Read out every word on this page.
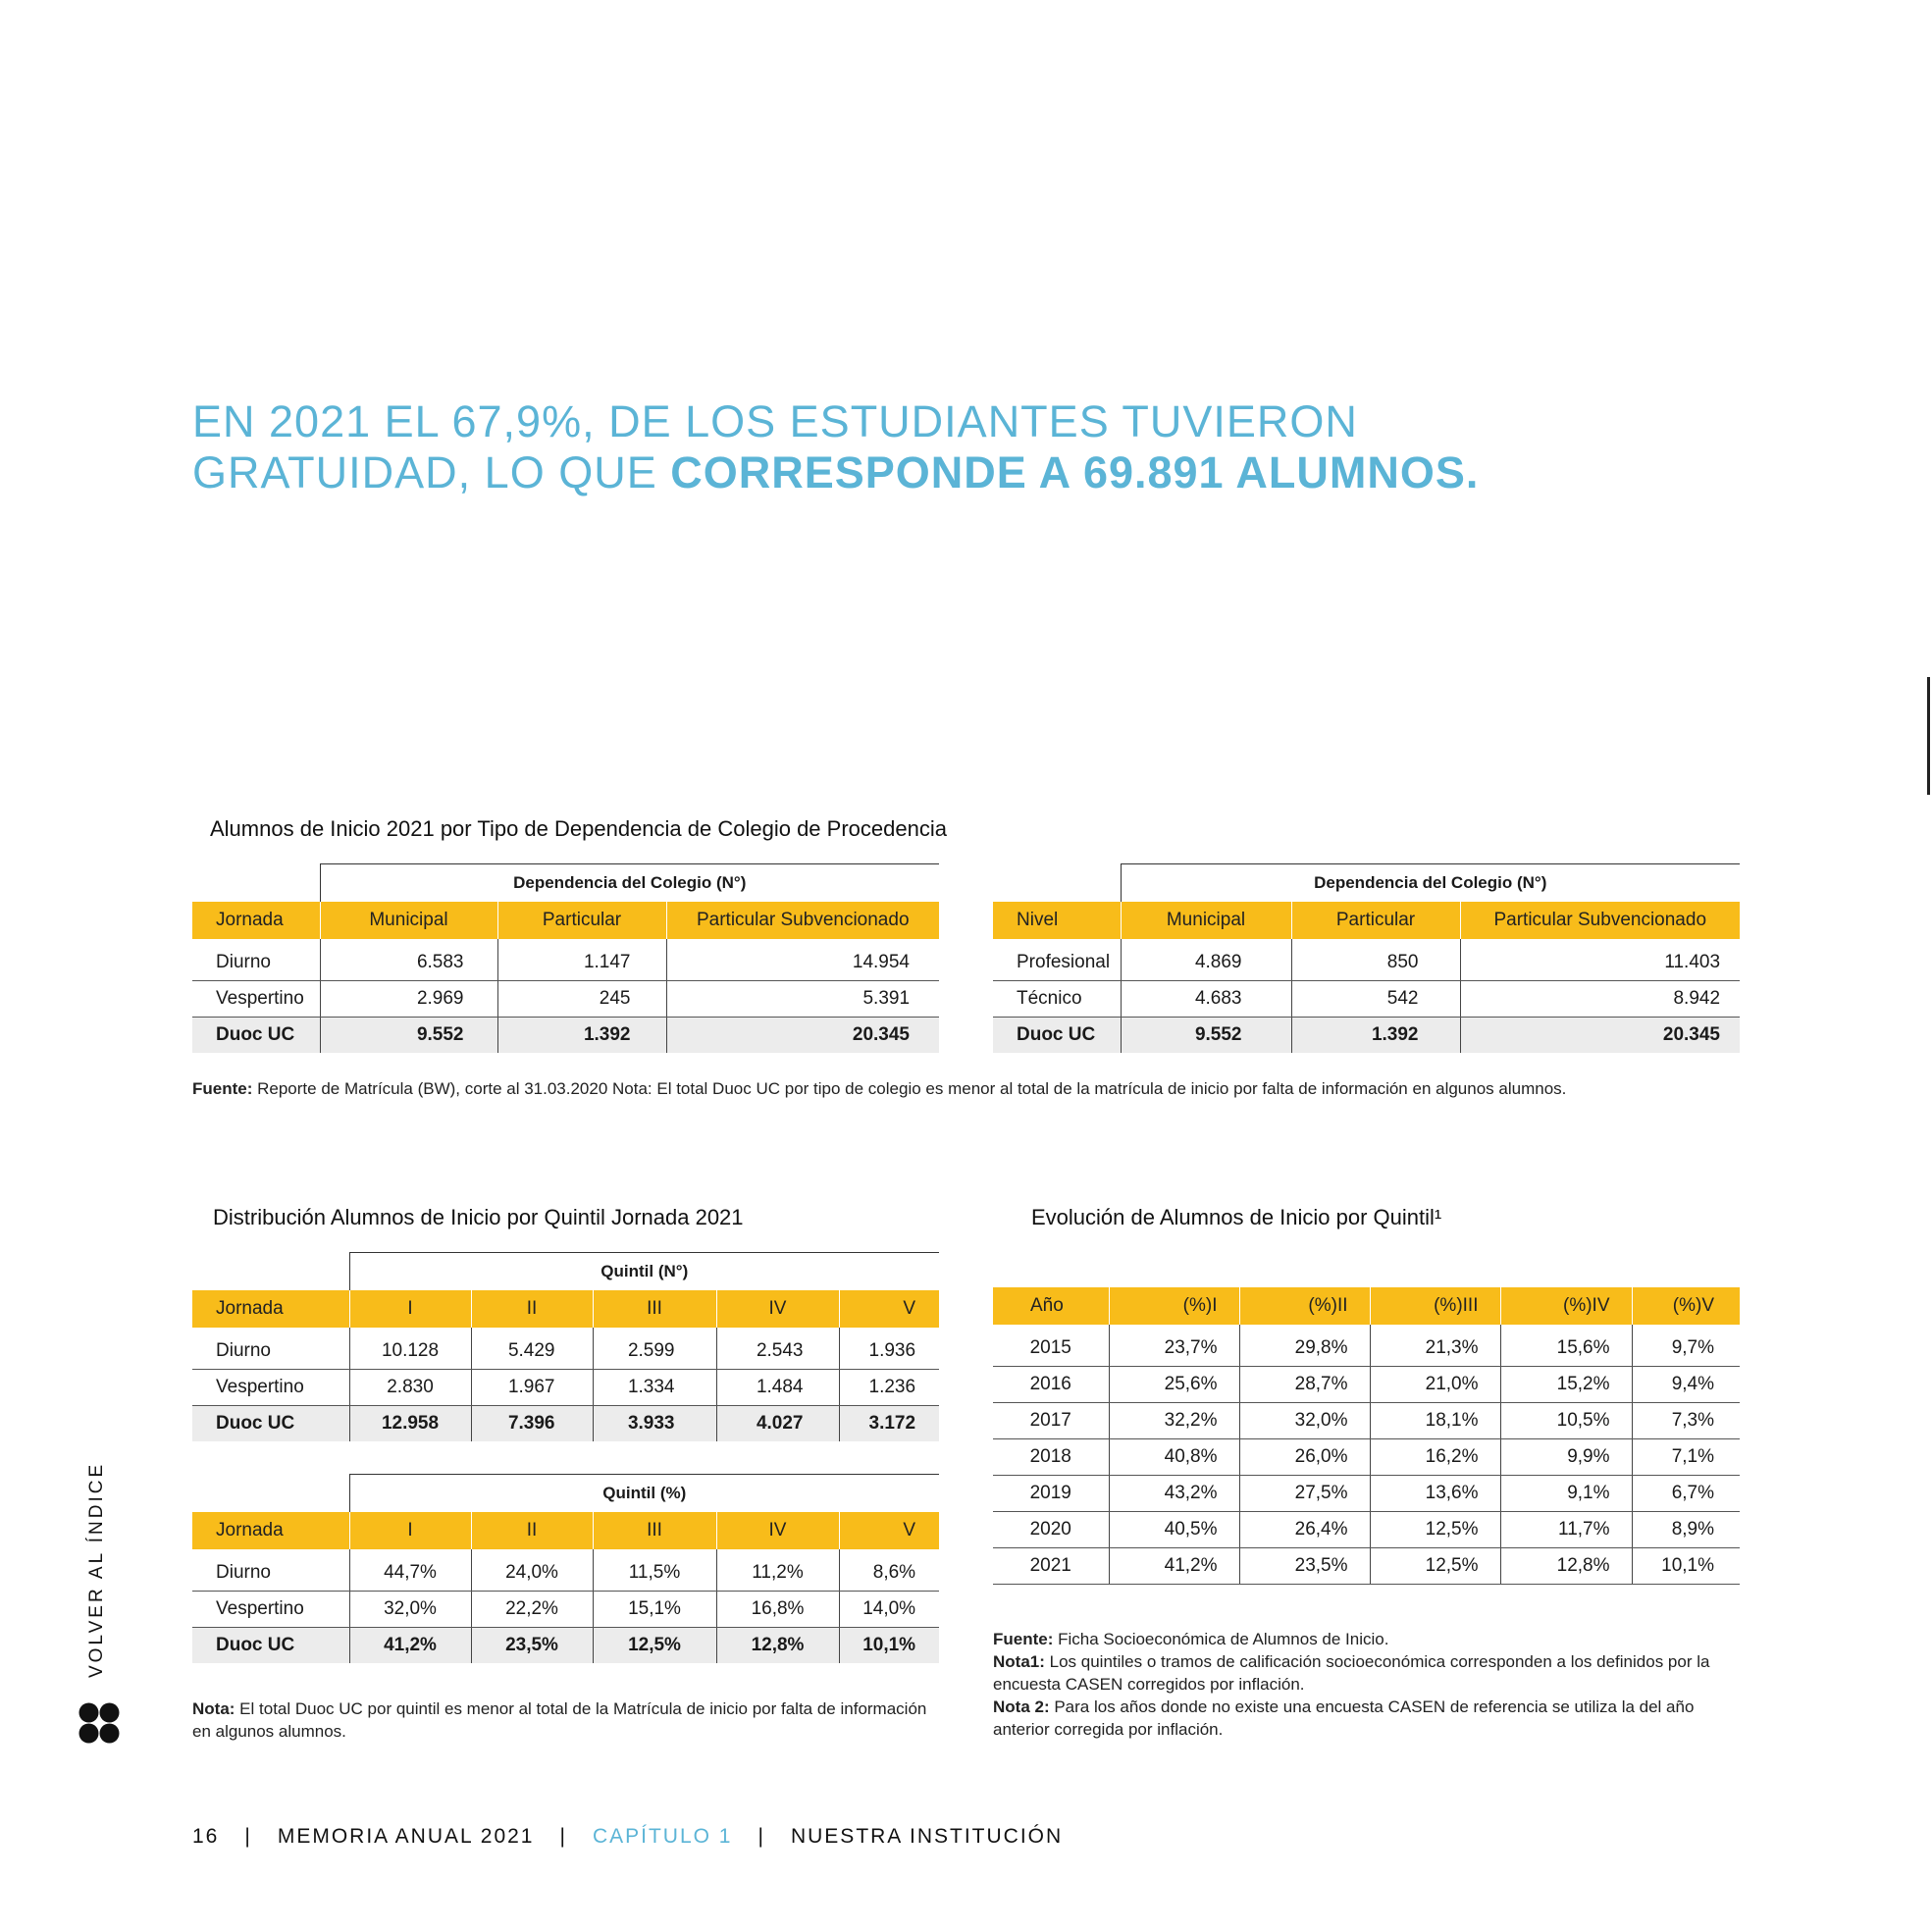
EN 2021 EL 67,9%, DE LOS ESTUDIANTES TUVIERON
GRATUIDAD, LO QUE CORRESPONDE A 69.891 ALUMNOS.
Alumnos de Inicio 2021 por Tipo de Dependencia de Colegio de Procedencia
	Dependencia del Colegio (N°)		
Jornada	Municipal	Particular	Particular Subvencionado

Diurno	6.583	1.147	14.954
Vespertino	2.969	245	5.391
Duoc UC	9.552	1.392	20.345
	Dependencia del Colegio (N°)		
Nivel	Municipal	Particular	Particular Subvencionado

Profesional	4.869	850	11.403
Técnico	4.683	542	8.942
Duoc UC	9.552	1.392	20.345
Fuente: Reporte de Matrícula (BW), corte al 31.03.2020 Nota: El total Duoc UC por tipo de colegio es menor al total de la matrícula de inicio por falta de información en algunos alumnos.
Distribución Alumnos de Inicio por Quintil Jornada 2021
	Quintil (N°)				
Jornada	I	II	III	IV	V

Diurno	10.128	5.429	2.599	2.543	1.936
Vespertino	2.830	1.967	1.334	1.484	1.236
Duoc UC	12.958	7.396	3.933	4.027	3.172
	Quintil (%)				
Jornada	I	II	III	IV	V

Diurno	44,7%	24,0%	11,5%	11,2%	8,6%
Vespertino	32,0%	22,2%	15,1%	16,8%	14,0%
Duoc UC	41,2%	23,5%	12,5%	12,8%	10,1%
Nota: El total Duoc UC por quintil es menor al total de la Matrícula de inicio por falta de información en algunos alumnos.
Evolución de Alumnos de Inicio por Quintil¹
Año	(%)I	(%)II	(%)III	(%)IV	(%)V

2015	23,7%	29,8%	21,3%	15,6%	9,7%
2016	25,6%	28,7%	21,0%	15,2%	9,4%
2017	32,2%	32,0%	18,1%	10,5%	7,3%
2018	40,8%	26,0%	16,2%	9,9%	7,1%
2019	43,2%	27,5%	13,6%	9,1%	6,7%
2020	40,5%	26,4%	12,5%	11,7%	8,9%
2021	41,2%	23,5%	12,5%	12,8%	10,1%
Fuente: Ficha Socioeconómica de Alumnos de Inicio.
Nota1: Los quintiles o tramos de calificación socioeconómica corresponden a los definidos por la encuesta CASEN corregidos por inflación.
Nota 2: Para los años donde no existe una encuesta CASEN de referencia se utiliza la del año anterior corregida por inflación.
VOLVER AL ÍNDICE
16 | MEMORIA ANUAL 2021 | CAPÍTULO 1 | NUESTRA INSTITUCIÓN
